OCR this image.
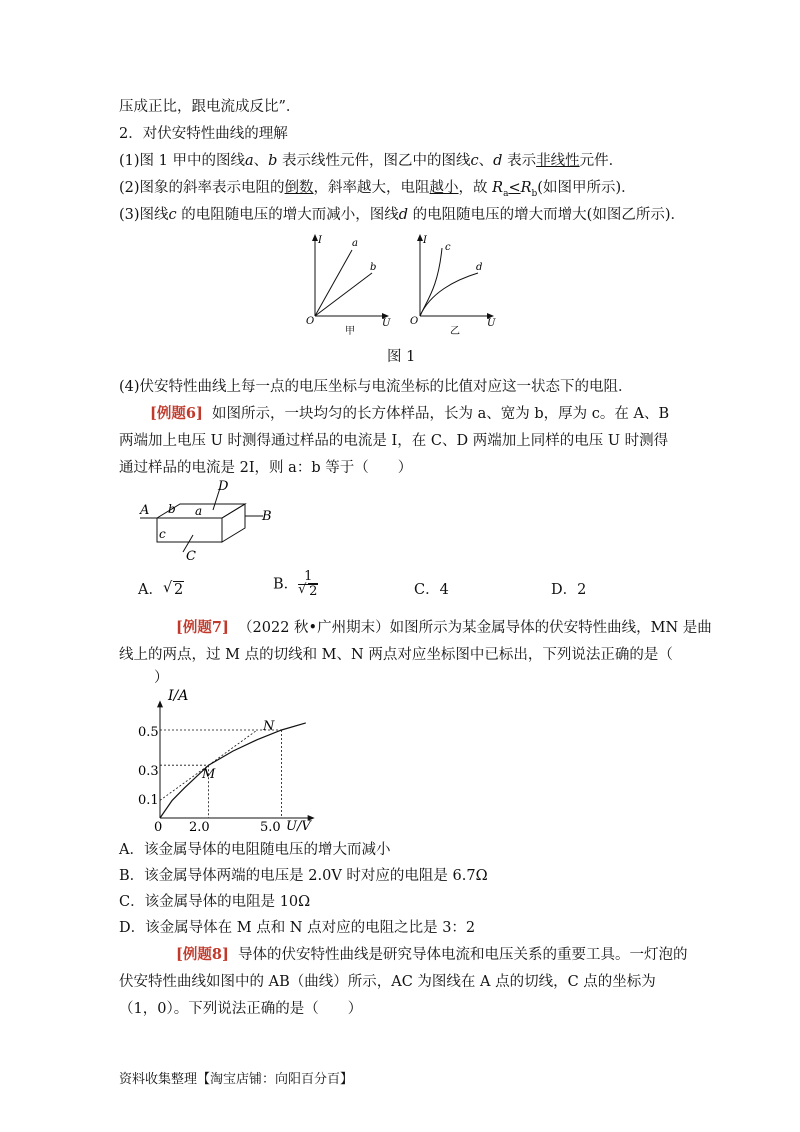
压成正比，跟电流成反比”．
2．对伏安特性曲线的理解
(1)图 1 甲中的图线a、b 表示线性元件，图乙中的图线c、d 表示非线性元件．
(2)图象的斜率表示电阻的倒数，斜率越大，电阻越小，故 $R_a<R_b$(如图甲所示)．
(3)图线c 的电阻随电压的增大而减小，图线d 的电阻随电压的增大而增大(如图乙所示)．
I	a
b
O	U
甲
I
c
d
O	U
乙
图 1
(4)伏安特性曲线上每一点的电压坐标与电流坐标的比值对应这一状态下的电阻．
[例题6] 如图所示，一块均匀的长方体样品，长为 a、宽为 b，厚为 c。在 A、B
两端加上电压 U 时测得通过样品的电流是 I，在 C、D 两端加上同样的电压 U 时测得
通过样品的电流是 2I，则 a：b 等于（　　）
A	B
D
C
a
b
c
A． √ 2	B． $\frac{1}{√ 2}$	C．4	D．2
[例题7] （2022 秋•广州期末）如图所示为某金属导体的伏安特性曲线，MN 是曲
线上的两点，过 M 点的切线和 M、N 两点对应坐标图中已标出，下列说法正确的是（
）
I/A
U/V
0
0.5
0.3
0.1
2.0	5.0
M
N
A．该金属导体的电阻随电压的增大而减小
B．该金属导体两端的电压是 2.0V 时对应的电阻是 6.7Ω
C．该金属导体的电阻是 10Ω
D．该金属导体在 M 点和 N 点对应的电阻之比是 3：2
[例题8] 导体的伏安特性曲线是研究导体电流和电压关系的重要工具。一灯泡的
伏安特性曲线如图中的 AB（曲线）所示，AC 为图线在 A 点的切线，C 点的坐标为
（1，0）。下列说法正确的是（　　）
资料收集整理【淘宝店铺：向阳百分百】
